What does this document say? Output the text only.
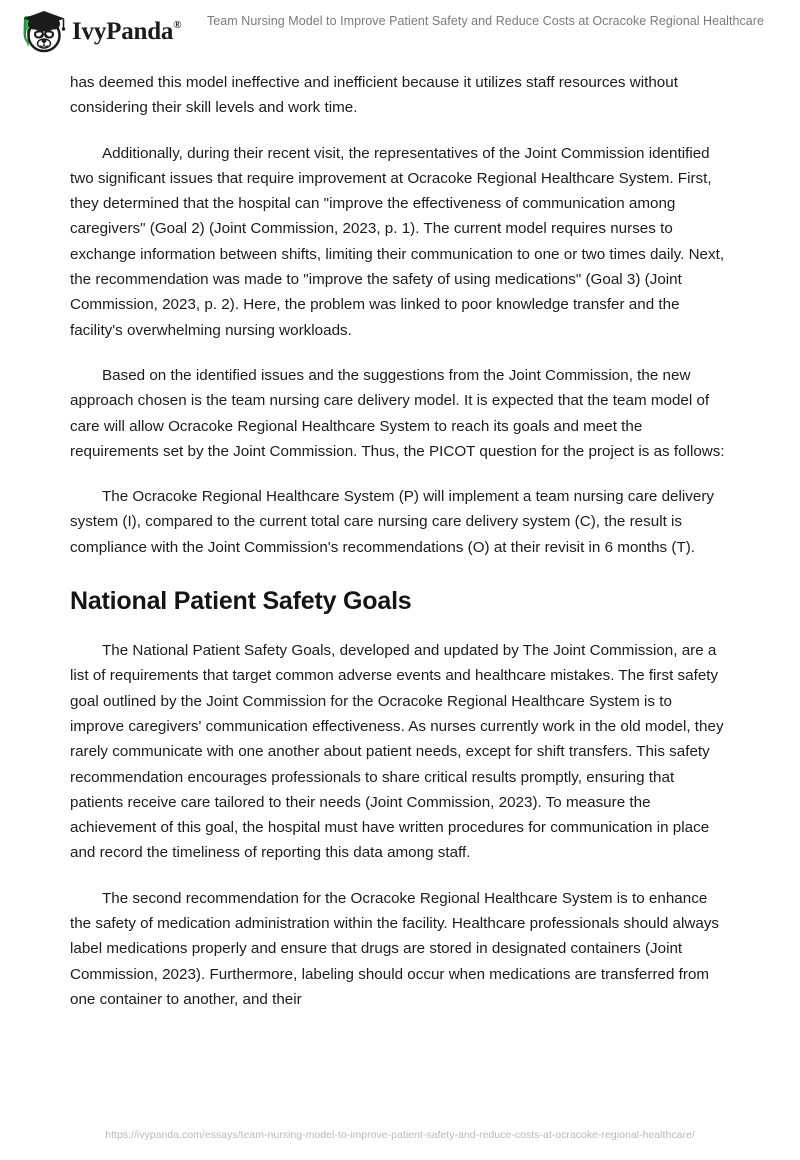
IvyPanda® Team Nursing Model to Improve Patient Safety and Reduce Costs at Ocracoke Regional Healthcare

has deemed this model ineffective and inefficient because it utilizes staff resources without considering their skill levels and work time.

Additionally, during their recent visit, the representatives of the Joint Commission identified two significant issues that require improvement at Ocracoke Regional Healthcare System. First, they determined that the hospital can "improve the effectiveness of communication among caregivers" (Goal 2) (Joint Commission, 2023, p. 1). The current model requires nurses to exchange information between shifts, limiting their communication to one or two times daily. Next, the recommendation was made to "improve the safety of using medications" (Goal 3) (Joint Commission, 2023, p. 2). Here, the problem was linked to poor knowledge transfer and the facility's overwhelming nursing workloads.

Based on the identified issues and the suggestions from the Joint Commission, the new approach chosen is the team nursing care delivery model. It is expected that the team model of care will allow Ocracoke Regional Healthcare System to reach its goals and meet the requirements set by the Joint Commission. Thus, the PICOT question for the project is as follows:

The Ocracoke Regional Healthcare System (P) will implement a team nursing care delivery system (I), compared to the current total care nursing care delivery system (C), the result is compliance with the Joint Commission's recommendations (O) at their revisit in 6 months (T).

National Patient Safety Goals

The National Patient Safety Goals, developed and updated by The Joint Commission, are a list of requirements that target common adverse events and healthcare mistakes. The first safety goal outlined by the Joint Commission for the Ocracoke Regional Healthcare System is to improve caregivers' communication effectiveness. As nurses currently work in the old model, they rarely communicate with one another about patient needs, except for shift transfers. This safety recommendation encourages professionals to share critical results promptly, ensuring that patients receive care tailored to their needs (Joint Commission, 2023). To measure the achievement of this goal, the hospital must have written procedures for communication in place and record the timeliness of reporting this data among staff.

The second recommendation for the Ocracoke Regional Healthcare System is to enhance the safety of medication administration within the facility. Healthcare professionals should always label medications properly and ensure that drugs are stored in designated containers (Joint Commission, 2023). Furthermore, labeling should occur when medications are transferred from one container to another, and their

https://ivypanda.com/essays/team-nursing-model-to-improve-patient-safety-and-reduce-costs-at-ocracoke-regional-healthcare/
